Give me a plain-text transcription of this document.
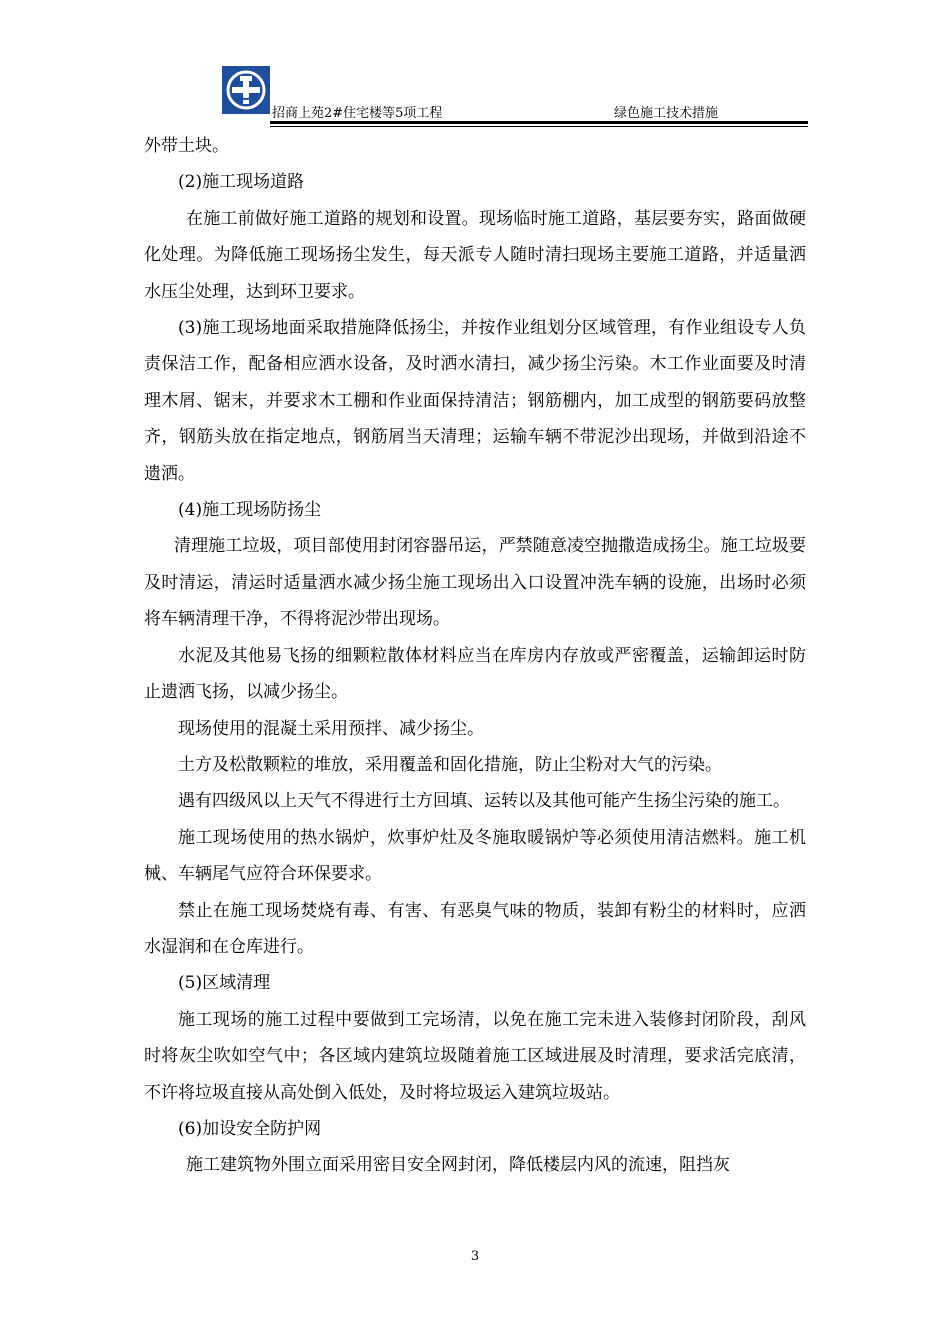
招商上苑2#住宅楼等5项工程	绿色施工技术措施

外带土块。

(2)施工现场道路

在施工前做好施工道路的规划和设置。现场临时施工道路，基层要夯实，路面做硬化处理。为降低施工现场扬尘发生，每天派专人随时清扫现场主要施工道路，并适量洒水压尘处理，达到环卫要求。

(3)施工现场地面采取措施降低扬尘，并按作业组划分区域管理，有作业组设专人负责保洁工作，配备相应洒水设备，及时洒水清扫，减少扬尘污染。木工作业面要及时清理木屑、锯末，并要求木工棚和作业面保持清洁；钢筋棚内，加工成型的钢筋要码放整齐，钢筋头放在指定地点，钢筋屑当天清理；运输车辆不带泥沙出现场，并做到沿途不遗洒。

(4)施工现场防扬尘

清理施工垃圾，项目部使用封闭容器吊运，严禁随意凌空抛撒造成扬尘。施工垃圾要及时清运，清运时适量洒水减少扬尘施工现场出入口设置冲洗车辆的设施，出场时必须将车辆清理干净，不得将泥沙带出现场。

水泥及其他易飞扬的细颗粒散体材料应当在库房内存放或严密覆盖，运输卸运时防止遗洒飞扬，以减少扬尘。

现场使用的混凝土采用预拌、减少扬尘。

土方及松散颗粒的堆放，采用覆盖和固化措施，防止尘粉对大气的污染。

遇有四级风以上天气不得进行土方回填、运转以及其他可能产生扬尘污染的施工。

施工现场使用的热水锅炉，炊事炉灶及冬施取暖锅炉等必须使用清洁燃料。施工机械、车辆尾气应符合环保要求。

禁止在施工现场焚烧有毒、有害、有恶臭气味的物质，装卸有粉尘的材料时，应洒水湿润和在仓库进行。

(5)区域清理

施工现场的施工过程中要做到工完场清，以免在施工完未进入装修封闭阶段，刮风时将灰尘吹如空气中；各区域内建筑垃圾随着施工区域进展及时清理，要求活完底清，不许将垃圾直接从高处倒入低处，及时将垃圾运入建筑垃圾站。

(6)加设安全防护网

施工建筑物外围立面采用密目安全网封闭，降低楼层内风的流速，阻挡灰

3
